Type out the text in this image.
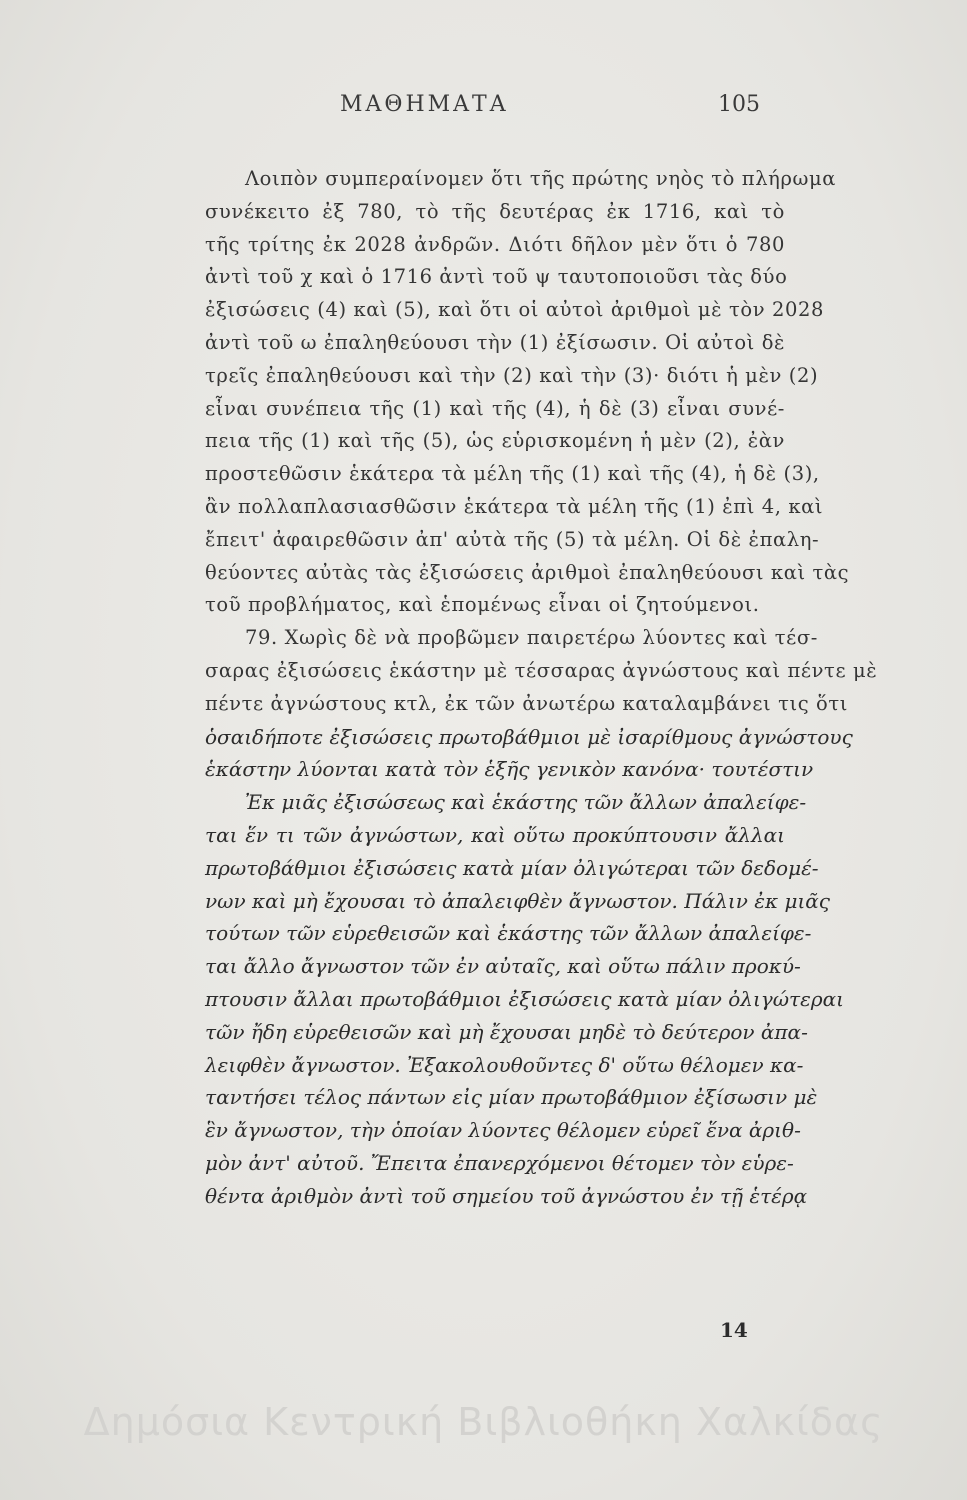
ΜΑΘΗΜΑΤΑ	105
Λοιπὸν συμπεραίνομεν ὅτι τῆς πρώτης νηὸς τὸ πλήρωμα
συνέκειτο ἐξ 780, τὸ τῆς δευτέρας ἐκ 1716, καὶ τὸ
τῆς τρίτης ἐκ 2028 ἀνδρῶν. Διότι δῆλον μὲν ὅτι ὁ 780
ἀντὶ τοῦ χ καὶ ὁ 1716 ἀντὶ τοῦ ψ ταυτοποιοῦσι τὰς δύο
ἐξισώσεις (4) καὶ (5), καὶ ὅτι οἱ αὐτοὶ ἀριθμοὶ μὲ τὸν 2028
ἀντὶ τοῦ ω ἐπαληθεύουσι τὴν (1) ἐξίσωσιν. Οἱ αὐτοὶ δὲ
τρεῖς ἐπαληθεύουσι καὶ τὴν (2) καὶ τὴν (3)· διότι ἡ μὲν (2)
εἶναι συνέπεια τῆς (1) καὶ τῆς (4), ἡ δὲ (3) εἶναι συνέ-
πεια τῆς (1) καὶ τῆς (5), ὡς εὑρισκομένη ἡ μὲν (2), ἐὰν
προστεθῶσιν ἑκάτερα τὰ μέλη τῆς (1) καὶ τῆς (4), ἡ δὲ (3),
ἂν πολλαπλασιασθῶσιν ἑκάτερα τὰ μέλη τῆς (1) ἐπὶ 4, καὶ
ἔπειτ' ἀφαιρεθῶσιν ἀπ' αὐτὰ τῆς (5) τὰ μέλη. Οἱ δὲ ἐπαλη-
θεύοντες αὐτὰς τὰς ἐξισώσεις ἀριθμοὶ ἐπαληθεύουσι καὶ τὰς
τοῦ προβλήματος, καὶ ἑπομένως εἶναι οἱ ζητούμενοι.
79. Χωρὶς δὲ νὰ προβῶμεν παιρετέρω λύοντες καὶ τέσ-
σαρας ἐξισώσεις ἑκάστην μὲ τέσσαρας ἀγνώστους καὶ πέντε μὲ
πέντε ἀγνώστους κτλ, ἐκ τῶν ἀνωτέρω καταλαμβάνει τις ὅτι
ὁσαιδήποτε ἐξισώσεις πρωτοβάθμιοι μὲ ἰσαρίθμους ἀγνώστους
ἑκάστην λύονται κατὰ τὸν ἑξῆς γενικὸν κανόνα· τουτέστιν
Ἐκ μιᾶς ἐξισώσεως καὶ ἑκάστης τῶν ἄλλων ἀπαλείφε-
ται ἕν τι τῶν ἀγνώστων, καὶ οὕτω προκύπτουσιν ἄλλαι
πρωτοβάθμιοι ἐξισώσεις κατὰ μίαν ὀλιγώτεραι τῶν δεδομέ-
νων καὶ μὴ ἔχουσαι τὸ ἀπαλειφθὲν ἄγνωστον. Πάλιν ἐκ μιᾶς
τούτων τῶν εὑρεθεισῶν καὶ ἑκάστης τῶν ἄλλων ἀπαλείφε-
ται ἄλλο ἄγνωστον τῶν ἐν αὐταῖς, καὶ οὕτω πάλιν προκύ-
πτουσιν ἄλλαι πρωτοβάθμιοι ἐξισώσεις κατὰ μίαν ὀλιγώτεραι
τῶν ἤδη εὑρεθεισῶν καὶ μὴ ἔχουσαι μηδὲ τὸ δεύτερον ἀπα-
λειφθὲν ἄγνωστον. Ἐξακολουθοῦντες δ' οὕτω θέλομεν κα-
ταντήσει τέλος πάντων εἰς μίαν πρωτοβάθμιον ἐξίσωσιν μὲ
ἓν ἄγνωστον, τὴν ὁποίαν λύοντες θέλομεν εὑρεῖ ἕνα ἀριθ-
μὸν ἀντ' αὐτοῦ. Ἔπειτα ἐπανερχόμενοι θέτομεν τὸν εὑρε-
θέντα ἀριθμὸν ἀντὶ τοῦ σημείου τοῦ ἀγνώστου ἐν τῇ ἑτέρᾳ
14
Δημόσια Κεντρική Βιβλιοθήκη Χαλκίδας
